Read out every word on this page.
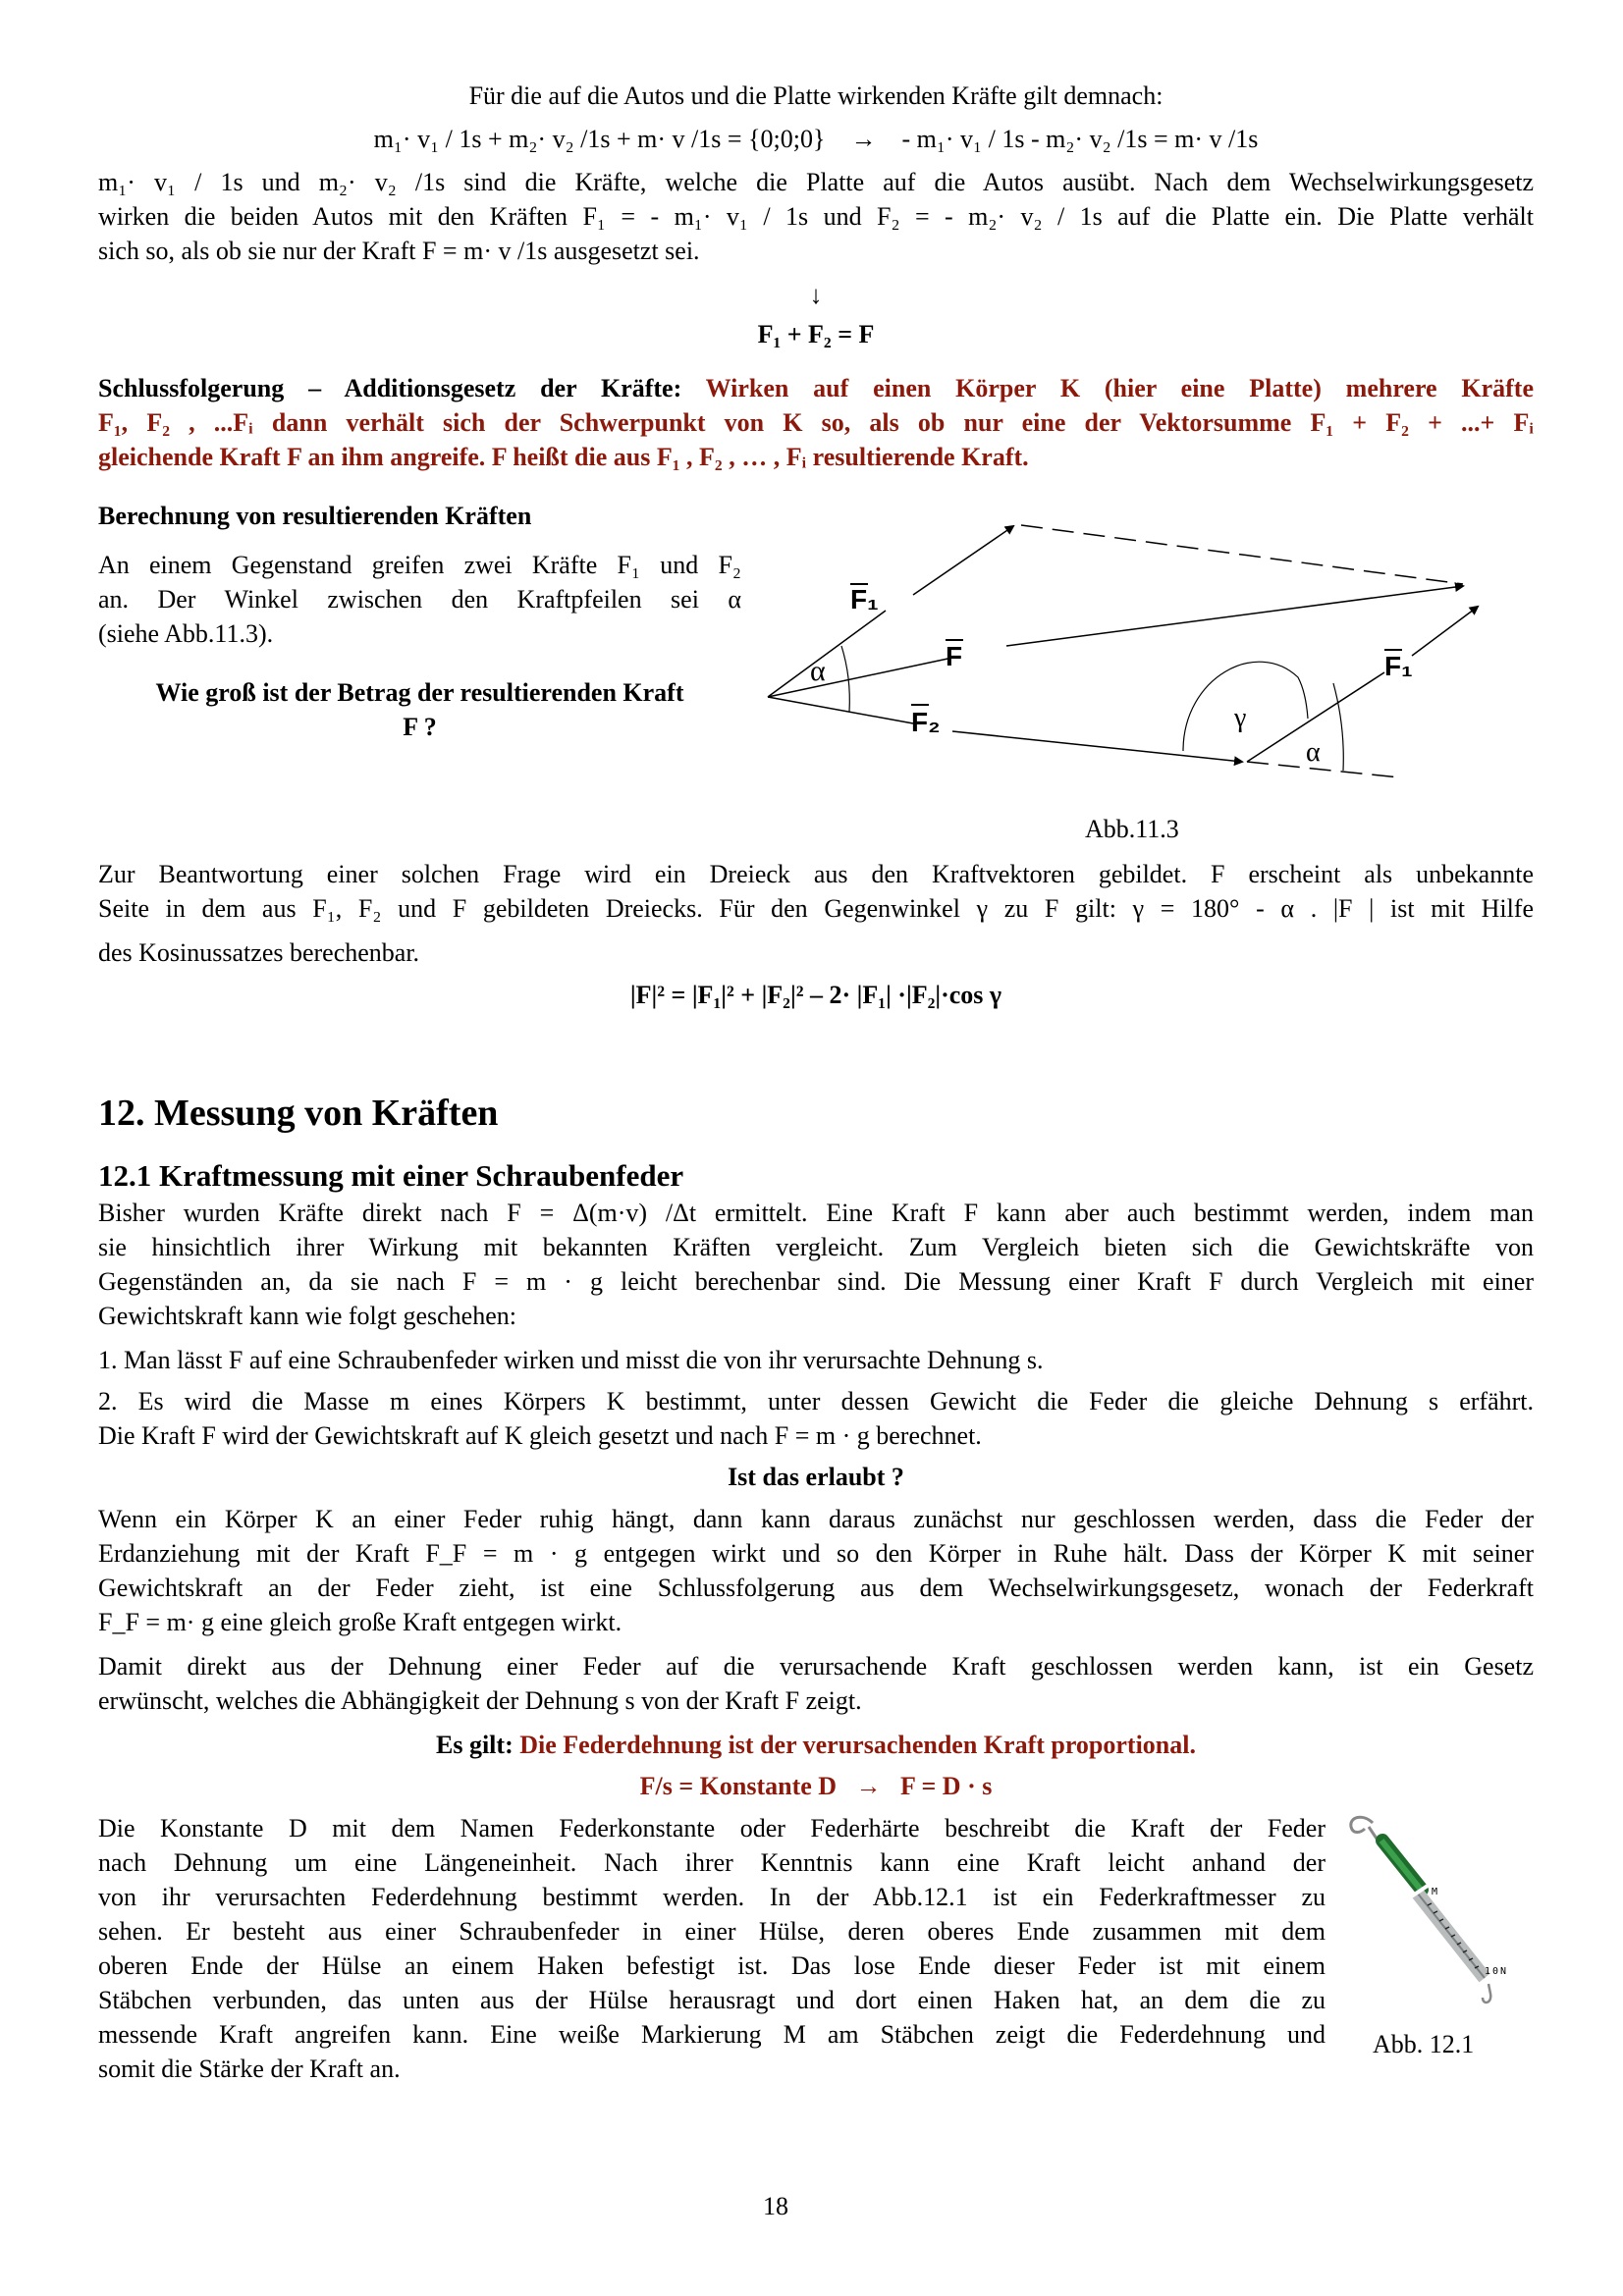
Für die auf die Autos und die Platte wirkenden Kräfte gilt demnach:
m₁· v₁ / 1s + m₂· v₂ /1s + m· v /1s = {0;0;0} → - m₁· v₁ / 1s - m₂· v₂ /1s = m· v /1s
m₁· v₁ / 1s und m₂· v₂ /1s sind die Kräfte, welche die Platte auf die Autos ausübt. Nach dem Wechselwirkungsgesetz
wirken die beiden Autos mit den Kräften F₁ = - m₁· v₁ / 1s und F₂ = - m₂· v₂ / 1s auf die Platte ein. Die Platte verhält
sich so, als ob sie nur der Kraft F = m· v /1s ausgesetzt sei.
↓
F₁ + F₂ = F
Schlussfolgerung – Additionsgesetz der Kräfte: Wirken auf einen Körper K (hier eine Platte) mehrere Kräfte
F₁, F₂ , ...Fᵢ dann verhält sich der Schwerpunkt von K so, als ob nur eine der Vektorsumme F₁ + F₂ + ...+ Fᵢ
gleichende Kraft F an ihm angreife. F heißt die aus F₁ , F₂ , … , Fᵢ resultierende Kraft.
Berechnung von resultierenden Kräften
An einem Gegenstand greifen zwei Kräfte F₁ und F₂
an. Der Winkel zwischen den Kraftpfeilen sei α
(siehe Abb.11.3).
Wie groß ist der Betrag der resultierenden Kraft
F ?
F₁
F
F₂
F₁
α
γ
α
Abb.11.3
Zur Beantwortung einer solchen Frage wird ein Dreieck aus den Kraftvektoren gebildet. F erscheint als unbekannte
Seite in dem aus F₁, F₂ und F gebildeten Dreiecks. Für den Gegenwinkel γ zu F gilt: γ = 180° - α . |F | ist mit Hilfe
des Kosinussatzes berechenbar.
|F|² = |F₁|² + |F₂|² – 2· |F₁| ·|F₂|·cos γ
12. Messung von Kräften
12.1 Kraftmessung mit einer Schraubenfeder
Bisher wurden Kräfte direkt nach F = Δ(m·v) /Δt ermittelt. Eine Kraft F kann aber auch bestimmt werden, indem man
sie hinsichtlich ihrer Wirkung mit bekannten Kräften vergleicht. Zum Vergleich bieten sich die Gewichtskräfte von
Gegenständen an, da sie nach F = m · g leicht berechenbar sind. Die Messung einer Kraft F durch Vergleich mit einer
Gewichtskraft kann wie folgt geschehen:
1. Man lässt F auf eine Schraubenfeder wirken und misst die von ihr verursachte Dehnung s.
2. Es wird die Masse m eines Körpers K bestimmt, unter dessen Gewicht die Feder die gleiche Dehnung s erfährt.
Die Kraft F wird der Gewichtskraft auf K gleich gesetzt und nach F = m · g berechnet.
Ist das erlaubt ?
Wenn ein Körper K an einer Feder ruhig hängt, dann kann daraus zunächst nur geschlossen werden, dass die Feder der
Erdanziehung mit der Kraft F_F = m · g entgegen wirkt und so den Körper in Ruhe hält. Dass der Körper K mit seiner
Gewichtskraft an der Feder zieht, ist eine Schlussfolgerung aus dem Wechselwirkungsgesetz, wonach der Federkraft
F_F = m· g eine gleich große Kraft entgegen wirkt.
Damit direkt aus der Dehnung einer Feder auf die verursachende Kraft geschlossen werden kann, ist ein Gesetz
erwünscht, welches die Abhängigkeit der Dehnung s von der Kraft F zeigt.
Es gilt: Die Federdehnung ist der verursachenden Kraft proportional.
F/s = Konstante D   →   F = D · s
Die Konstante D mit dem Namen Federkonstante oder Federhärte beschreibt die Kraft der Feder
nach Dehnung um eine Längeneinheit. Nach ihrer Kenntnis kann eine Kraft leicht anhand der
von ihr verursachten Federdehnung bestimmt werden. In der Abb.12.1 ist ein Federkraftmesser zu
sehen. Er besteht aus einer Schraubenfeder in einer Hülse, deren oberes Ende zusammen mit dem
oberen Ende der Hülse an einem Haken befestigt ist. Das lose Ende dieser Feder ist mit einem
Stäbchen verbunden, das unten aus der Hülse herausragt und dort einen Haken hat, an dem die zu
messende Kraft angreifen kann. Eine weiße Markierung M am Stäbchen zeigt die Federdehnung und
somit die Stärke der Kraft an.
M
10N
Abb. 12.1
18
